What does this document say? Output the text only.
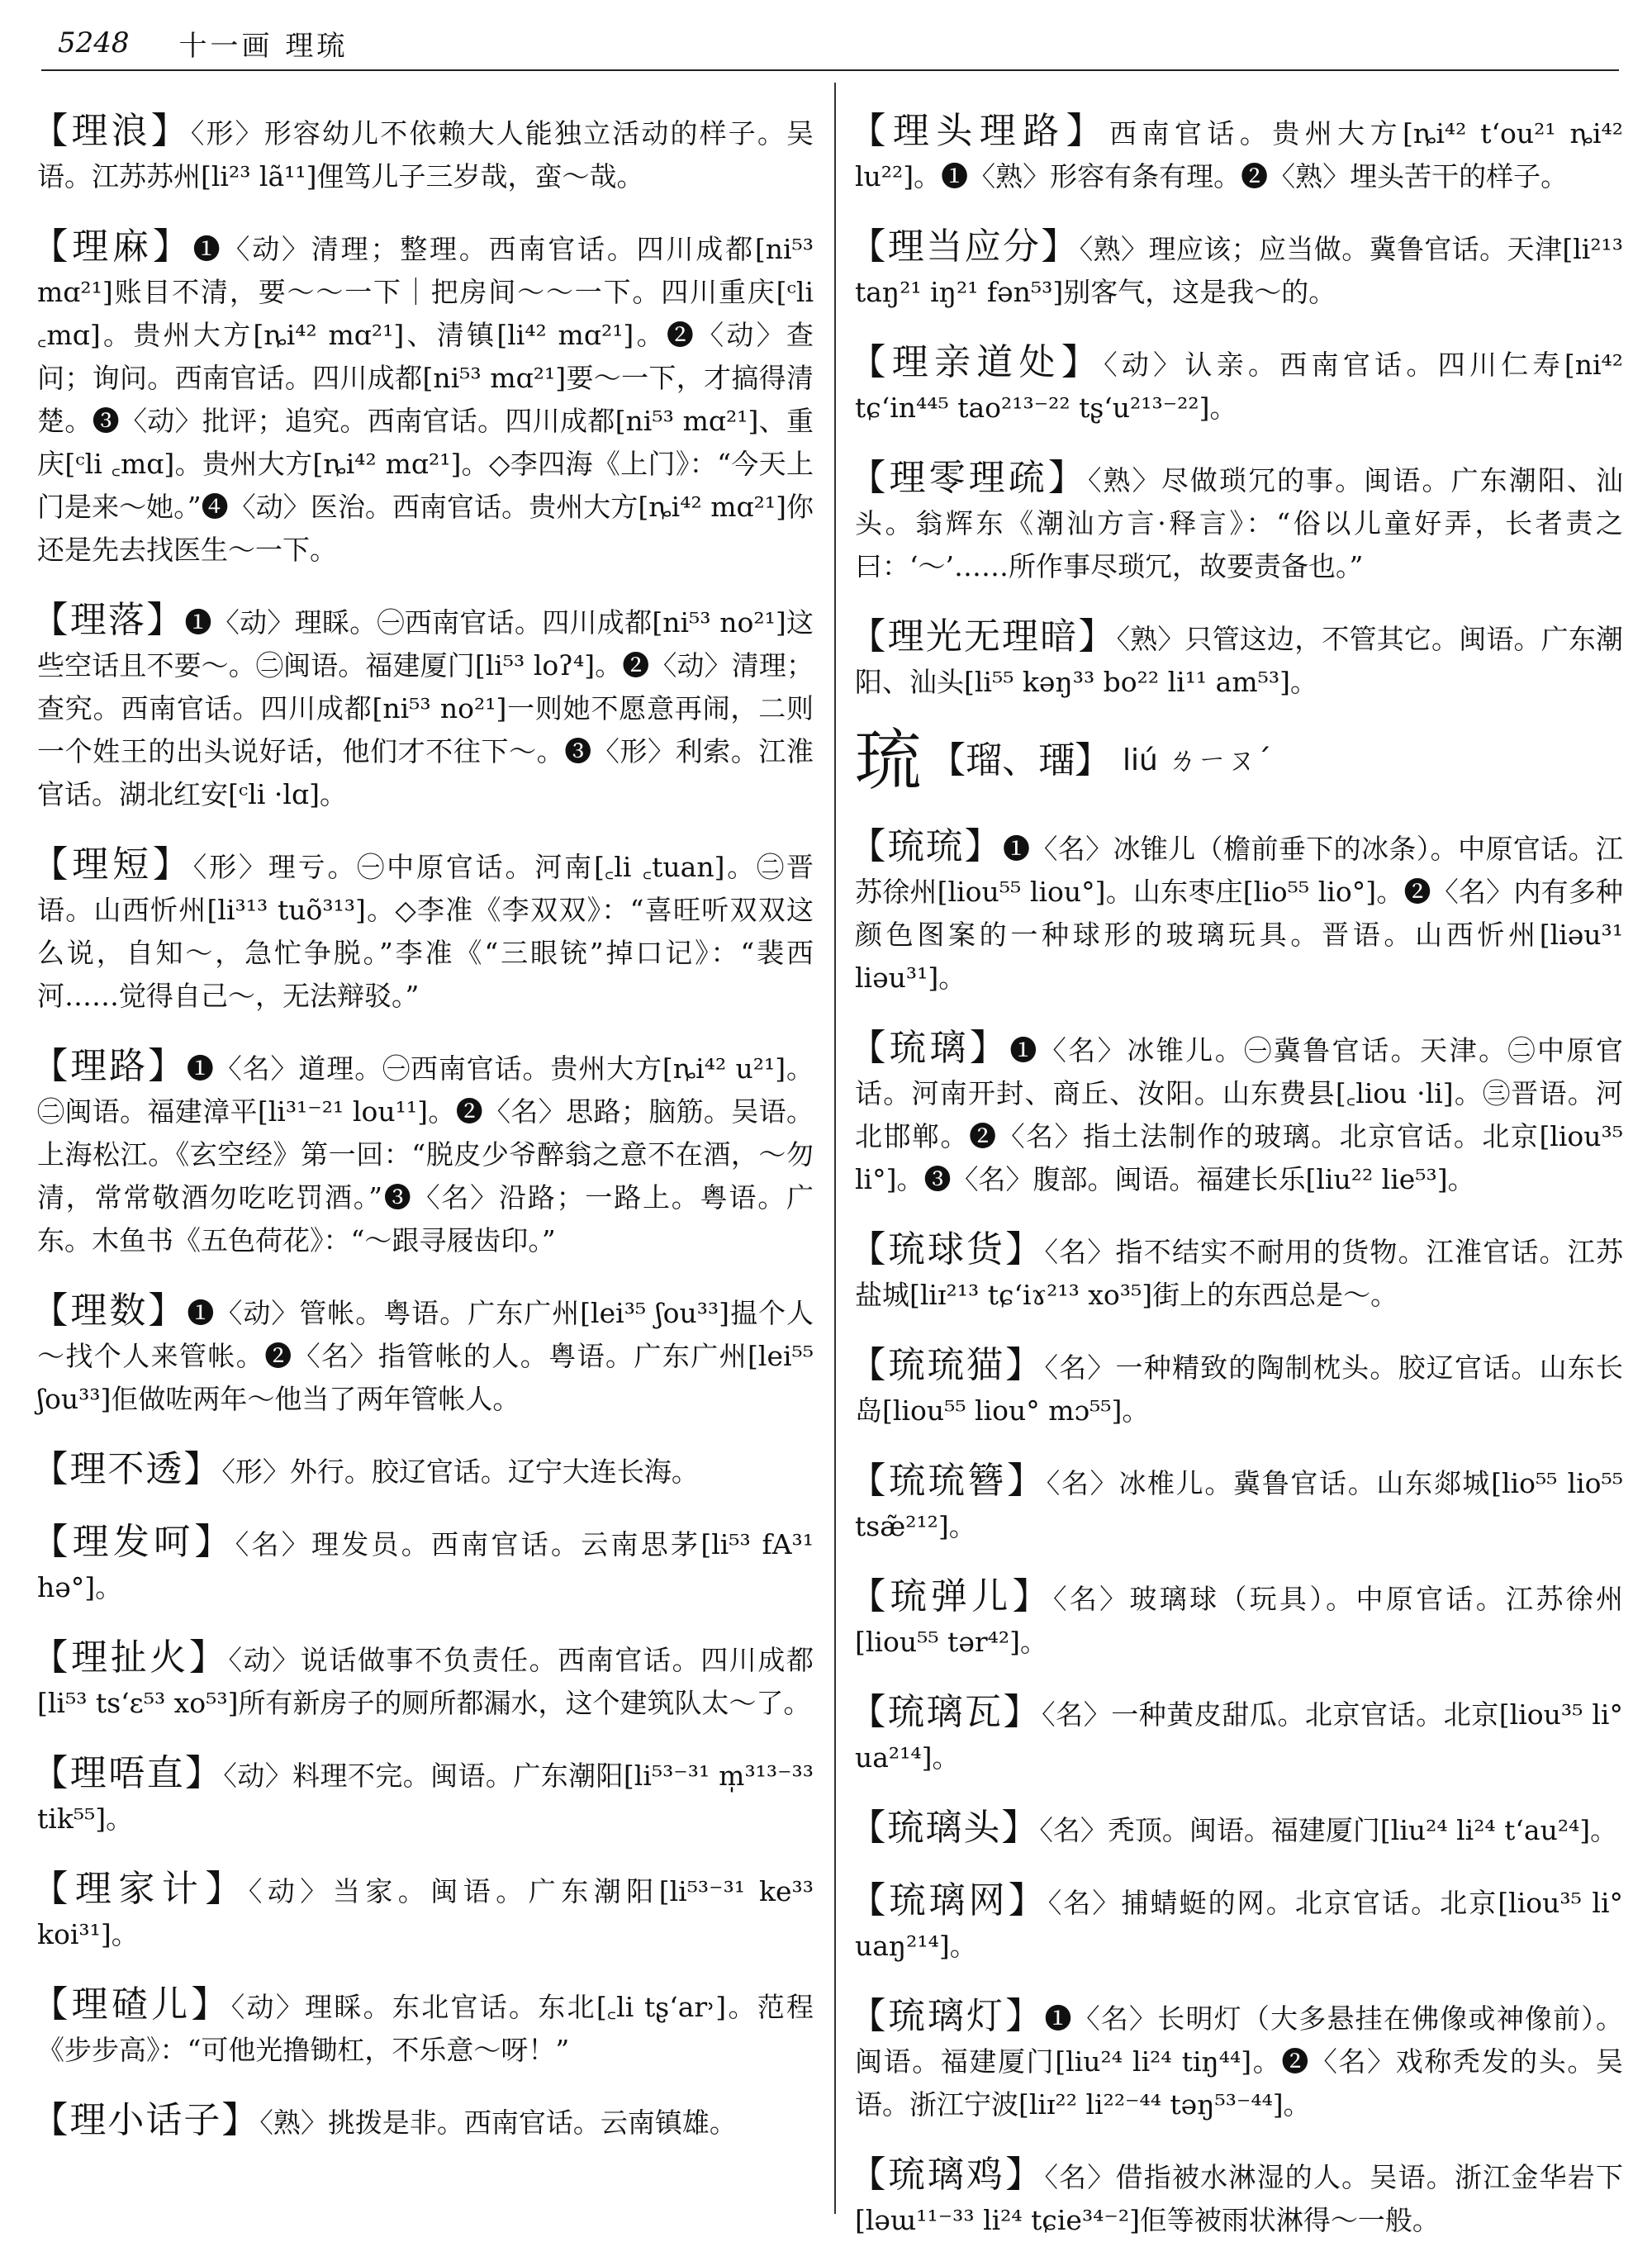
5248 十一画 理琉

【理浪】〈形〉形容幼儿不依赖大人能独立活动的样子。吴语。江苏苏州[li²³ lã¹¹]俚笃儿子三岁哉，蛮～哉。

【理麻】❶〈动〉清理；整理。西南官话。四川成都[ni⁵³ mɑ²¹]账目不清，要～～一下｜把房间～～一下。四川重庆[ᶜli ꜀mɑ]。贵州大方[ȵi⁴² mɑ²¹]、清镇[li⁴² mɑ²¹]。❷〈动〉查问；询问。西南官话。四川成都[ni⁵³ mɑ²¹]要～一下，才搞得清楚。❸〈动〉批评；追究。西南官话。四川成都[ni⁵³ mɑ²¹]、重庆[ᶜli ꜀mɑ]。贵州大方[ȵi⁴² mɑ²¹]。◇李四海《上门》：“今天上门是来～她。”❹〈动〉医治。西南官话。贵州大方[ȵi⁴² mɑ²¹]你还是先去找医生～一下。

【理落】❶〈动〉理睬。㊀西南官话。四川成都[ni⁵³ no²¹]这些空话且不要～。㊁闽语。福建厦门[li⁵³ loʔ⁴]。❷〈动〉清理；查究。西南官话。四川成都[ni⁵³ no²¹]一则她不愿意再闹，二则一个姓王的出头说好话，他们才不往下～。❸〈形〉利索。江淮官话。湖北红安[ᶜli ·lɑ]。

【理短】〈形〉理亏。㊀中原官话。河南[꜀li ꜀tuan]。㊁晋语。山西忻州[li³¹³ tuõ³¹³]。◇李准《李双双》：“喜旺听双双这么说，自知～，急忙争脱。”李准《“三眼铳”掉口记》：“裴西河……觉得自己～，无法辩驳。”

【理路】❶〈名〉道理。㊀西南官话。贵州大方[ȵi⁴² u²¹]。㊁闽语。福建漳平[li³¹⁻²¹ lou¹¹]。❷〈名〉思路；脑筋。吴语。上海松江。《玄空经》第一回：“脱皮少爷醉翁之意不在酒，～勿清，常常敬酒勿吃吃罚酒。”❸〈名〉沿路；一路上。粤语。广东。木鱼书《五色荷花》：“～跟寻屐齿印。”

【理数】❶〈动〉管帐。粤语。广东广州[lei³⁵ ʃou³³]揾个人～找个人来管帐。❷〈名〉指管帐的人。粤语。广东广州[lei⁵⁵ ʃou³³]佢做咗两年～他当了两年管帐人。

【理不透】〈形〉外行。胶辽官话。辽宁大连长海。

【理发呵】〈名〉理发员。西南官话。云南思茅[li⁵³ fA³¹ hə°]。

【理扯火】〈动〉说话做事不负责任。西南官话。四川成都[li⁵³ ts‘ɛ⁵³ xo⁵³]所有新房子的厕所都漏水，这个建筑队太～了。

【理唔直】〈动〉料理不完。闽语。广东潮阳[li⁵³⁻³¹ m̩³¹³⁻³³ tik⁵⁵]。

【理家计】〈动〉当家。闽语。广东潮阳[li⁵³⁻³¹ ke³³ koi³¹]。

【理碴儿】〈动〉理睬。东北官话。东北[꜀li tʂ‘ar˒]。范程《步步高》：“可他光撸锄杠，不乐意～呀！”

【理小话子】〈熟〉挑拨是非。西南官话。云南镇雄。

【理头理路】西南官话。贵州大方[ȵi⁴² t‘ou²¹ ȵi⁴² lu²²]。❶〈熟〉形容有条有理。❷〈熟〉埋头苦干的样子。

【理当应分】〈熟〉理应该；应当做。冀鲁官话。天津[li²¹³ taŋ²¹ iŋ²¹ fən⁵³]别客气，这是我～的。

【理亲道处】〈动〉认亲。西南官话。四川仁寿[ni⁴² tɕ‘in⁴⁴⁵ tao²¹³⁻²² tʂ‘u²¹³⁻²²]。

【理零理疏】〈熟〉尽做琐冗的事。闽语。广东潮阳、汕头。翁辉东《潮汕方言·释言》：“俗以儿童好弄，长者责之曰：‘～’……所作事尽琐冗，故要责备也。”

【理光无理暗】〈熟〉只管这边，不管其它。闽语。广东潮阳、汕头[li⁵⁵ kəŋ³³ bo²² li¹¹ am⁵³]。

琉 【瑠、璢】 liú ㄌㄧㄡˊ

【琉琉】❶〈名〉冰锥儿（檐前垂下的冰条）。中原官话。江苏徐州[liou⁵⁵ liou°]。山东枣庄[lio⁵⁵ lio°]。❷〈名〉内有多种颜色图案的一种球形的玻璃玩具。晋语。山西忻州[liəu³¹ liəu³¹]。

【琉璃】❶〈名〉冰锥儿。㊀冀鲁官话。天津。㊁中原官话。河南开封、商丘、汝阳。山东费县[꜀liou ·li]。㊂晋语。河北邯郸。❷〈名〉指土法制作的玻璃。北京官话。北京[liou³⁵ li°]。❸〈名〉腹部。闽语。福建长乐[liu²² lie⁵³]。

【琉球货】〈名〉指不结实不耐用的货物。江淮官话。江苏盐城[liɪ²¹³ tɕ‘iɤ²¹³ xo³⁵]街上的东西总是～。

【琉琉猫】〈名〉一种精致的陶制枕头。胶辽官话。山东长岛[liou⁵⁵ liou° mɔ⁵⁵]。

【琉琉簪】〈名〉冰椎儿。冀鲁官话。山东郯城[lio⁵⁵ lio⁵⁵ tsæ̃²¹²]。

【琉弹儿】〈名〉玻璃球（玩具）。中原官话。江苏徐州[liou⁵⁵ tər⁴²]。

【琉璃瓦】〈名〉一种黄皮甜瓜。北京官话。北京[liou³⁵ li° ua²¹⁴]。

【琉璃头】〈名〉秃顶。闽语。福建厦门[liu²⁴ li²⁴ t‘au²⁴]。

【琉璃网】〈名〉捕蜻蜓的网。北京官话。北京[liou³⁵ li° uaŋ²¹⁴]。

【琉璃灯】❶〈名〉长明灯（大多悬挂在佛像或神像前）。闽语。福建厦门[liu²⁴ li²⁴ tiŋ⁴⁴]。❷〈名〉戏称秃发的头。吴语。浙江宁波[liɪ²² li²²⁻⁴⁴ təŋ⁵³⁻⁴⁴]。

【琉璃鸡】〈名〉借指被水淋湿的人。吴语。浙江金华岩下[ləɯ¹¹⁻³³ li²⁴ tɕie³⁴⁻²]佢等被雨状淋得～一般。
